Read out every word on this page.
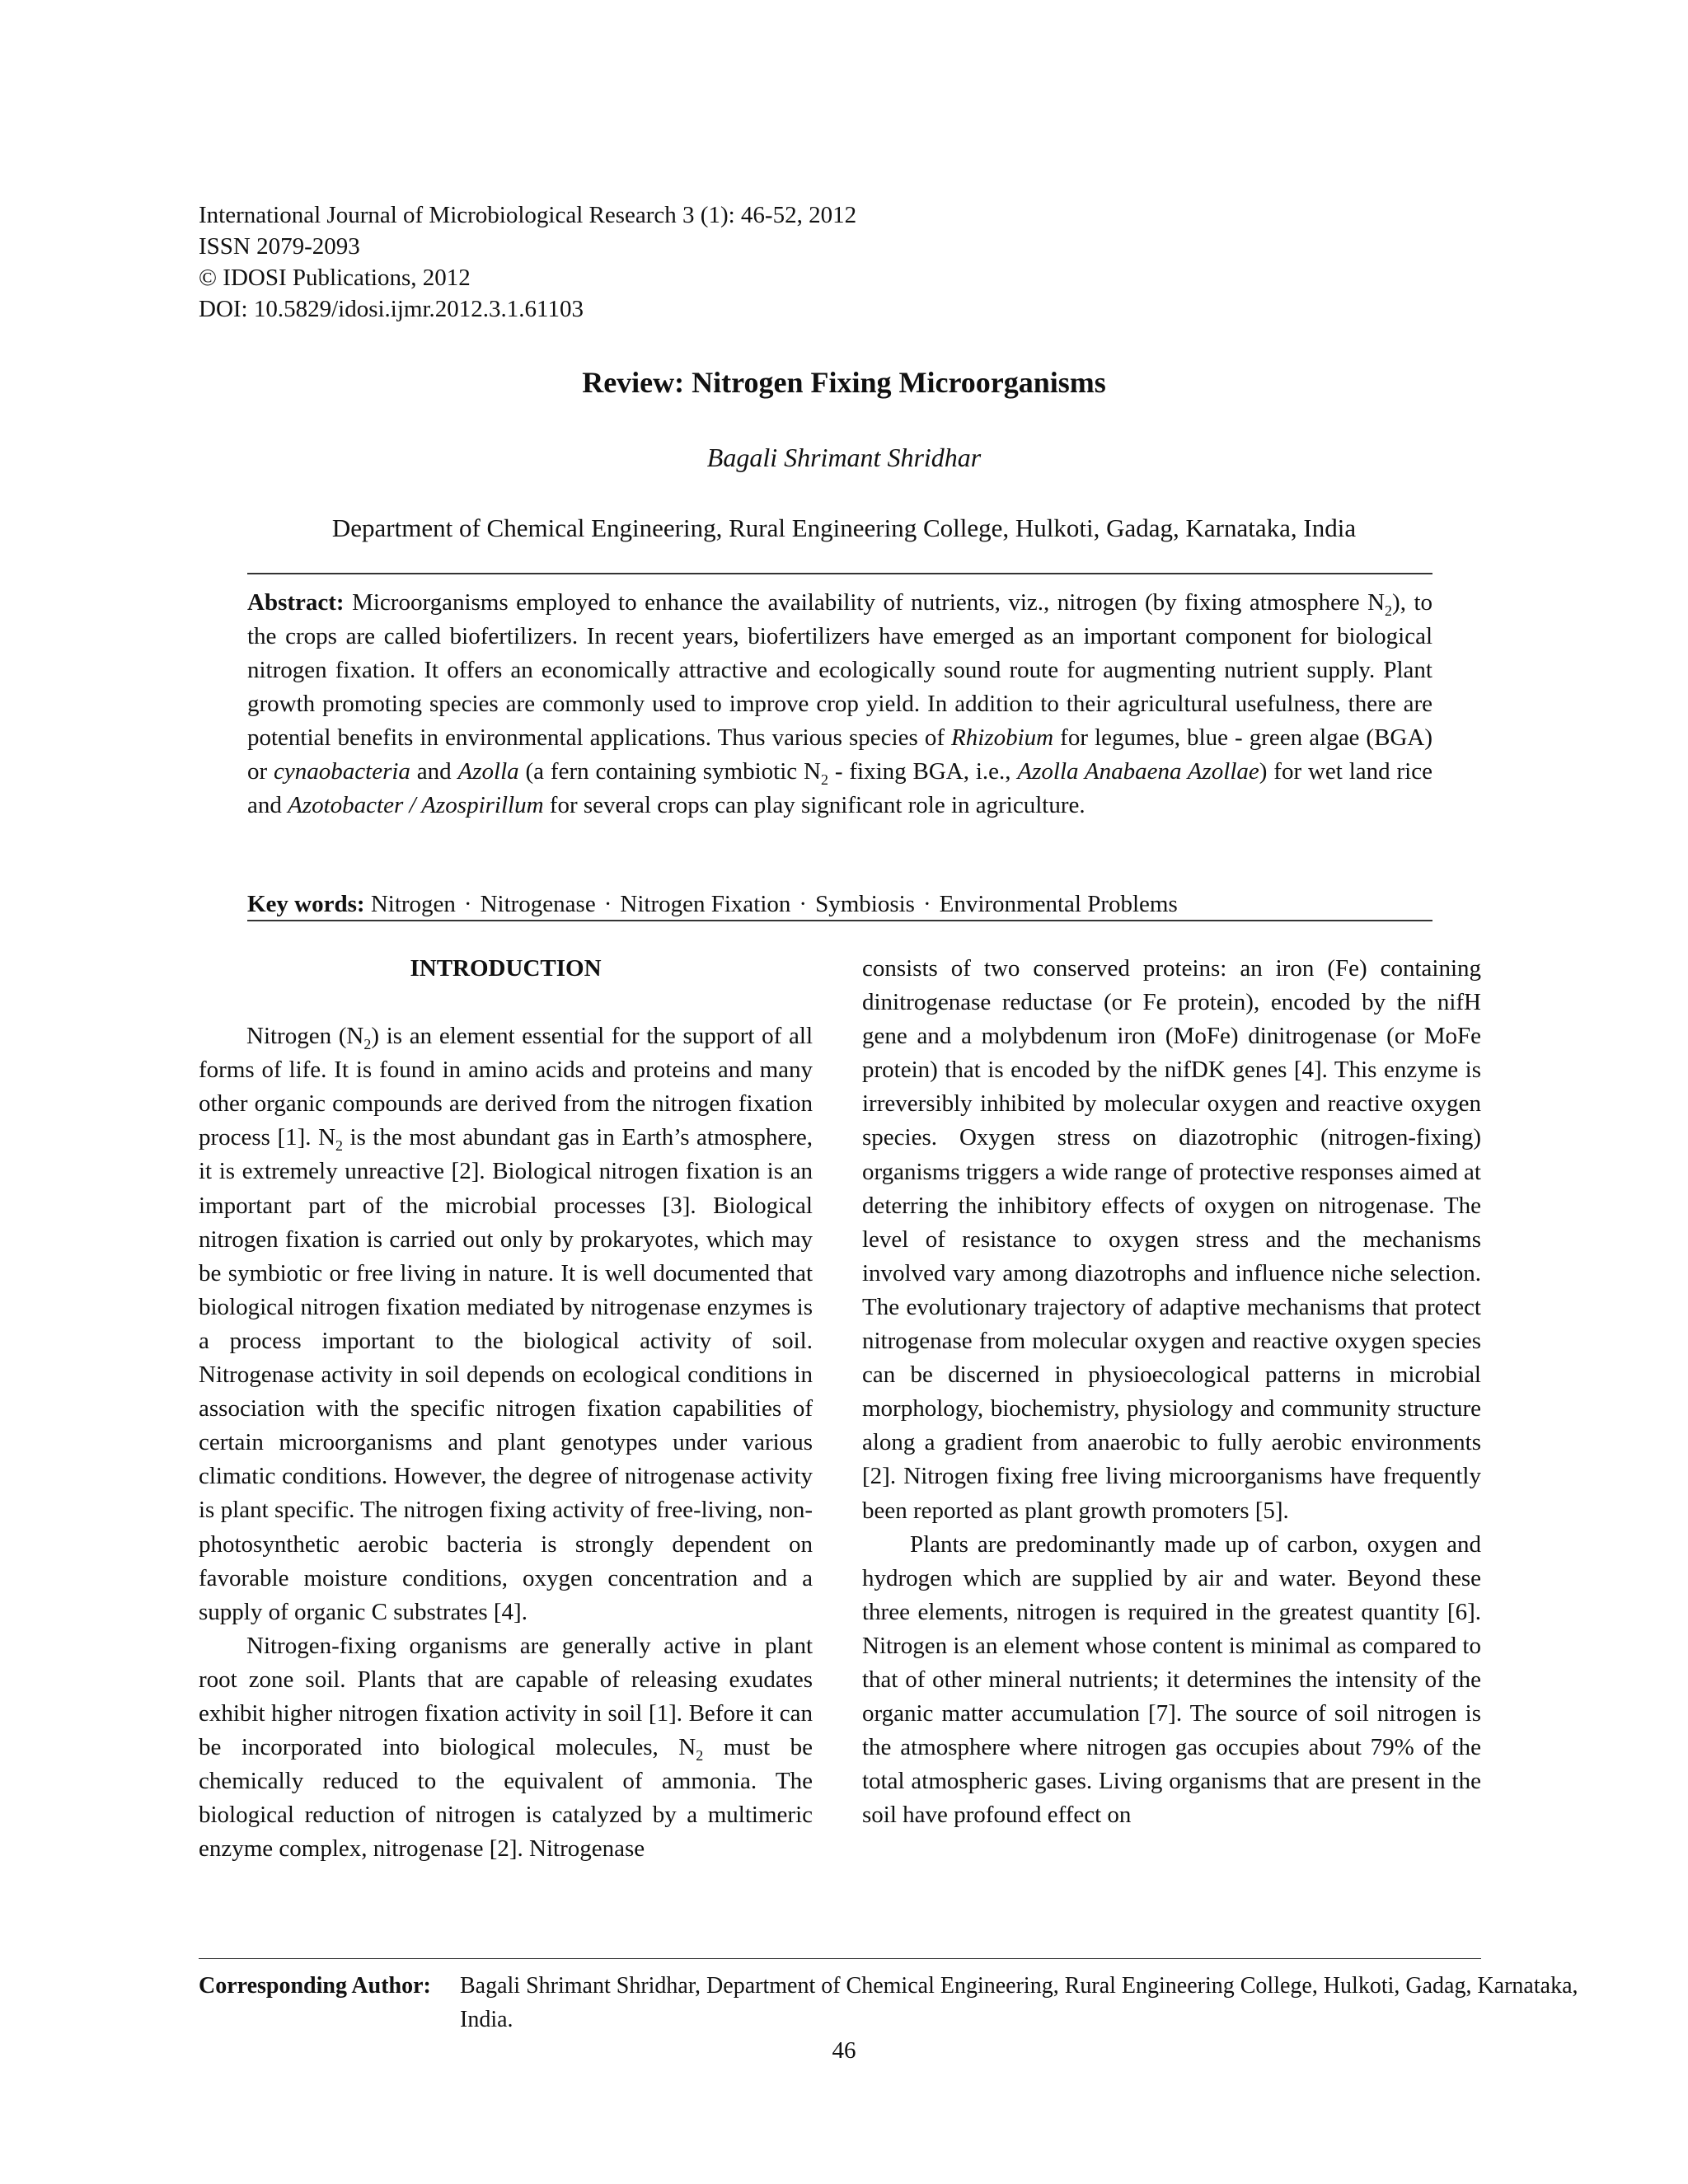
International Journal of Microbiological Research 3 (1): 46-52, 2012
ISSN 2079-2093
© IDOSI Publications, 2012
DOI: 10.5829/idosi.ijmr.2012.3.1.61103
Review: Nitrogen Fixing Microorganisms
Bagali Shrimant Shridhar
Department of Chemical Engineering, Rural Engineering College, Hulkoti, Gadag, Karnataka, India
Abstract: Microorganisms employed to enhance the availability of nutrients, viz., nitrogen (by fixing atmosphere $N_2$), to the crops are called biofertilizers. In recent years, biofertilizers have emerged as an important component for biological nitrogen fixation. It offers an economically attractive and ecologically sound route for augmenting nutrient supply. Plant growth promoting species are commonly used to improve crop yield. In addition to their agricultural usefulness, there are potential benefits in environmental applications. Thus various species of Rhizobium for legumes, blue - green algae (BGA) or cynaobacteria and Azolla (a fern containing symbiotic $N_2$ - fixing BGA, i.e., Azolla Anabaena Azollae) for wet land rice and Azotobacter / Azospirillum for several crops can play significant role in agriculture.
Key words: Nitrogen · Nitrogenase · Nitrogen Fixation · Symbiosis · Environmental Problems
INTRODUCTION

Nitrogen $(N_2)$ is an element essential for the support of all forms of life. It is found in amino acids and proteins and many other organic compounds are derived from the nitrogen fixation process [1]. $N_2$ is the most abundant gas in Earth’s atmosphere, it is extremely unreactive [2]. Biological nitrogen fixation is an important part of the microbial processes [3]. Biological nitrogen fixation is carried out only by prokaryotes, which may be symbiotic or free living in nature. It is well documented that biological nitrogen fixation mediated by nitrogenase enzymes is a process important to the biological activity of soil. Nitrogenase activity in soil depends on ecological conditions in association with the specific nitrogen fixation capabilities of certain microorganisms and plant genotypes under various climatic conditions. However, the degree of nitrogenase activity is plant specific. The nitrogen fixing activity of free-living, non-photosynthetic aerobic bacteria is strongly dependent on favorable moisture conditions, oxygen concentration and a supply of organic C substrates [4].

Nitrogen-fixing organisms are generally active in plant root zone soil. Plants that are capable of releasing exudates exhibit higher nitrogen fixation activity in soil [1]. Before it can be incorporated into biological molecules, $N_2$ must be chemically reduced to the equivalent of ammonia. The biological reduction of nitrogen is catalyzed by a multimeric enzyme complex, nitrogenase [2]. Nitrogenase

consists of two conserved proteins: an iron (Fe) containing dinitrogenase reductase (or Fe protein), encoded by the nifH gene and a molybdenum iron (MoFe) dinitrogenase (or MoFe protein) that is encoded by the nifDK genes [4]. This enzyme is irreversibly inhibited by molecular oxygen and reactive oxygen species. Oxygen stress on diazotrophic (nitrogen-fixing) organisms triggers a wide range of protective responses aimed at deterring the inhibitory effects of oxygen on nitrogenase. The level of resistance to oxygen stress and the mechanisms involved vary among diazotrophs and influence niche selection. The evolutionary trajectory of adaptive mechanisms that protect nitrogenase from molecular oxygen and reactive oxygen species can be discerned in physioecological patterns in microbial morphology, biochemistry, physiology and community structure along a gradient from anaerobic to fully aerobic environments [2]. Nitrogen fixing free living microorganisms have frequently been reported as plant growth promoters [5].

Plants are predominantly made up of carbon, oxygen and hydrogen which are supplied by air and water. Beyond these three elements, nitrogen is required in the greatest quantity [6]. Nitrogen is an element whose content is minimal as compared to that of other mineral nutrients; it determines the intensity of the organic matter accumulation [7]. The source of soil nitrogen is the atmosphere where nitrogen gas occupies about 79% of the total atmospheric gases. Living organisms that are present in the soil have profound effect on

Corresponding Author: Bagali Shrimant Shridhar, Department of Chemical Engineering, Rural Engineering College, Hulkoti, Gadag, Karnataka, India.
46
